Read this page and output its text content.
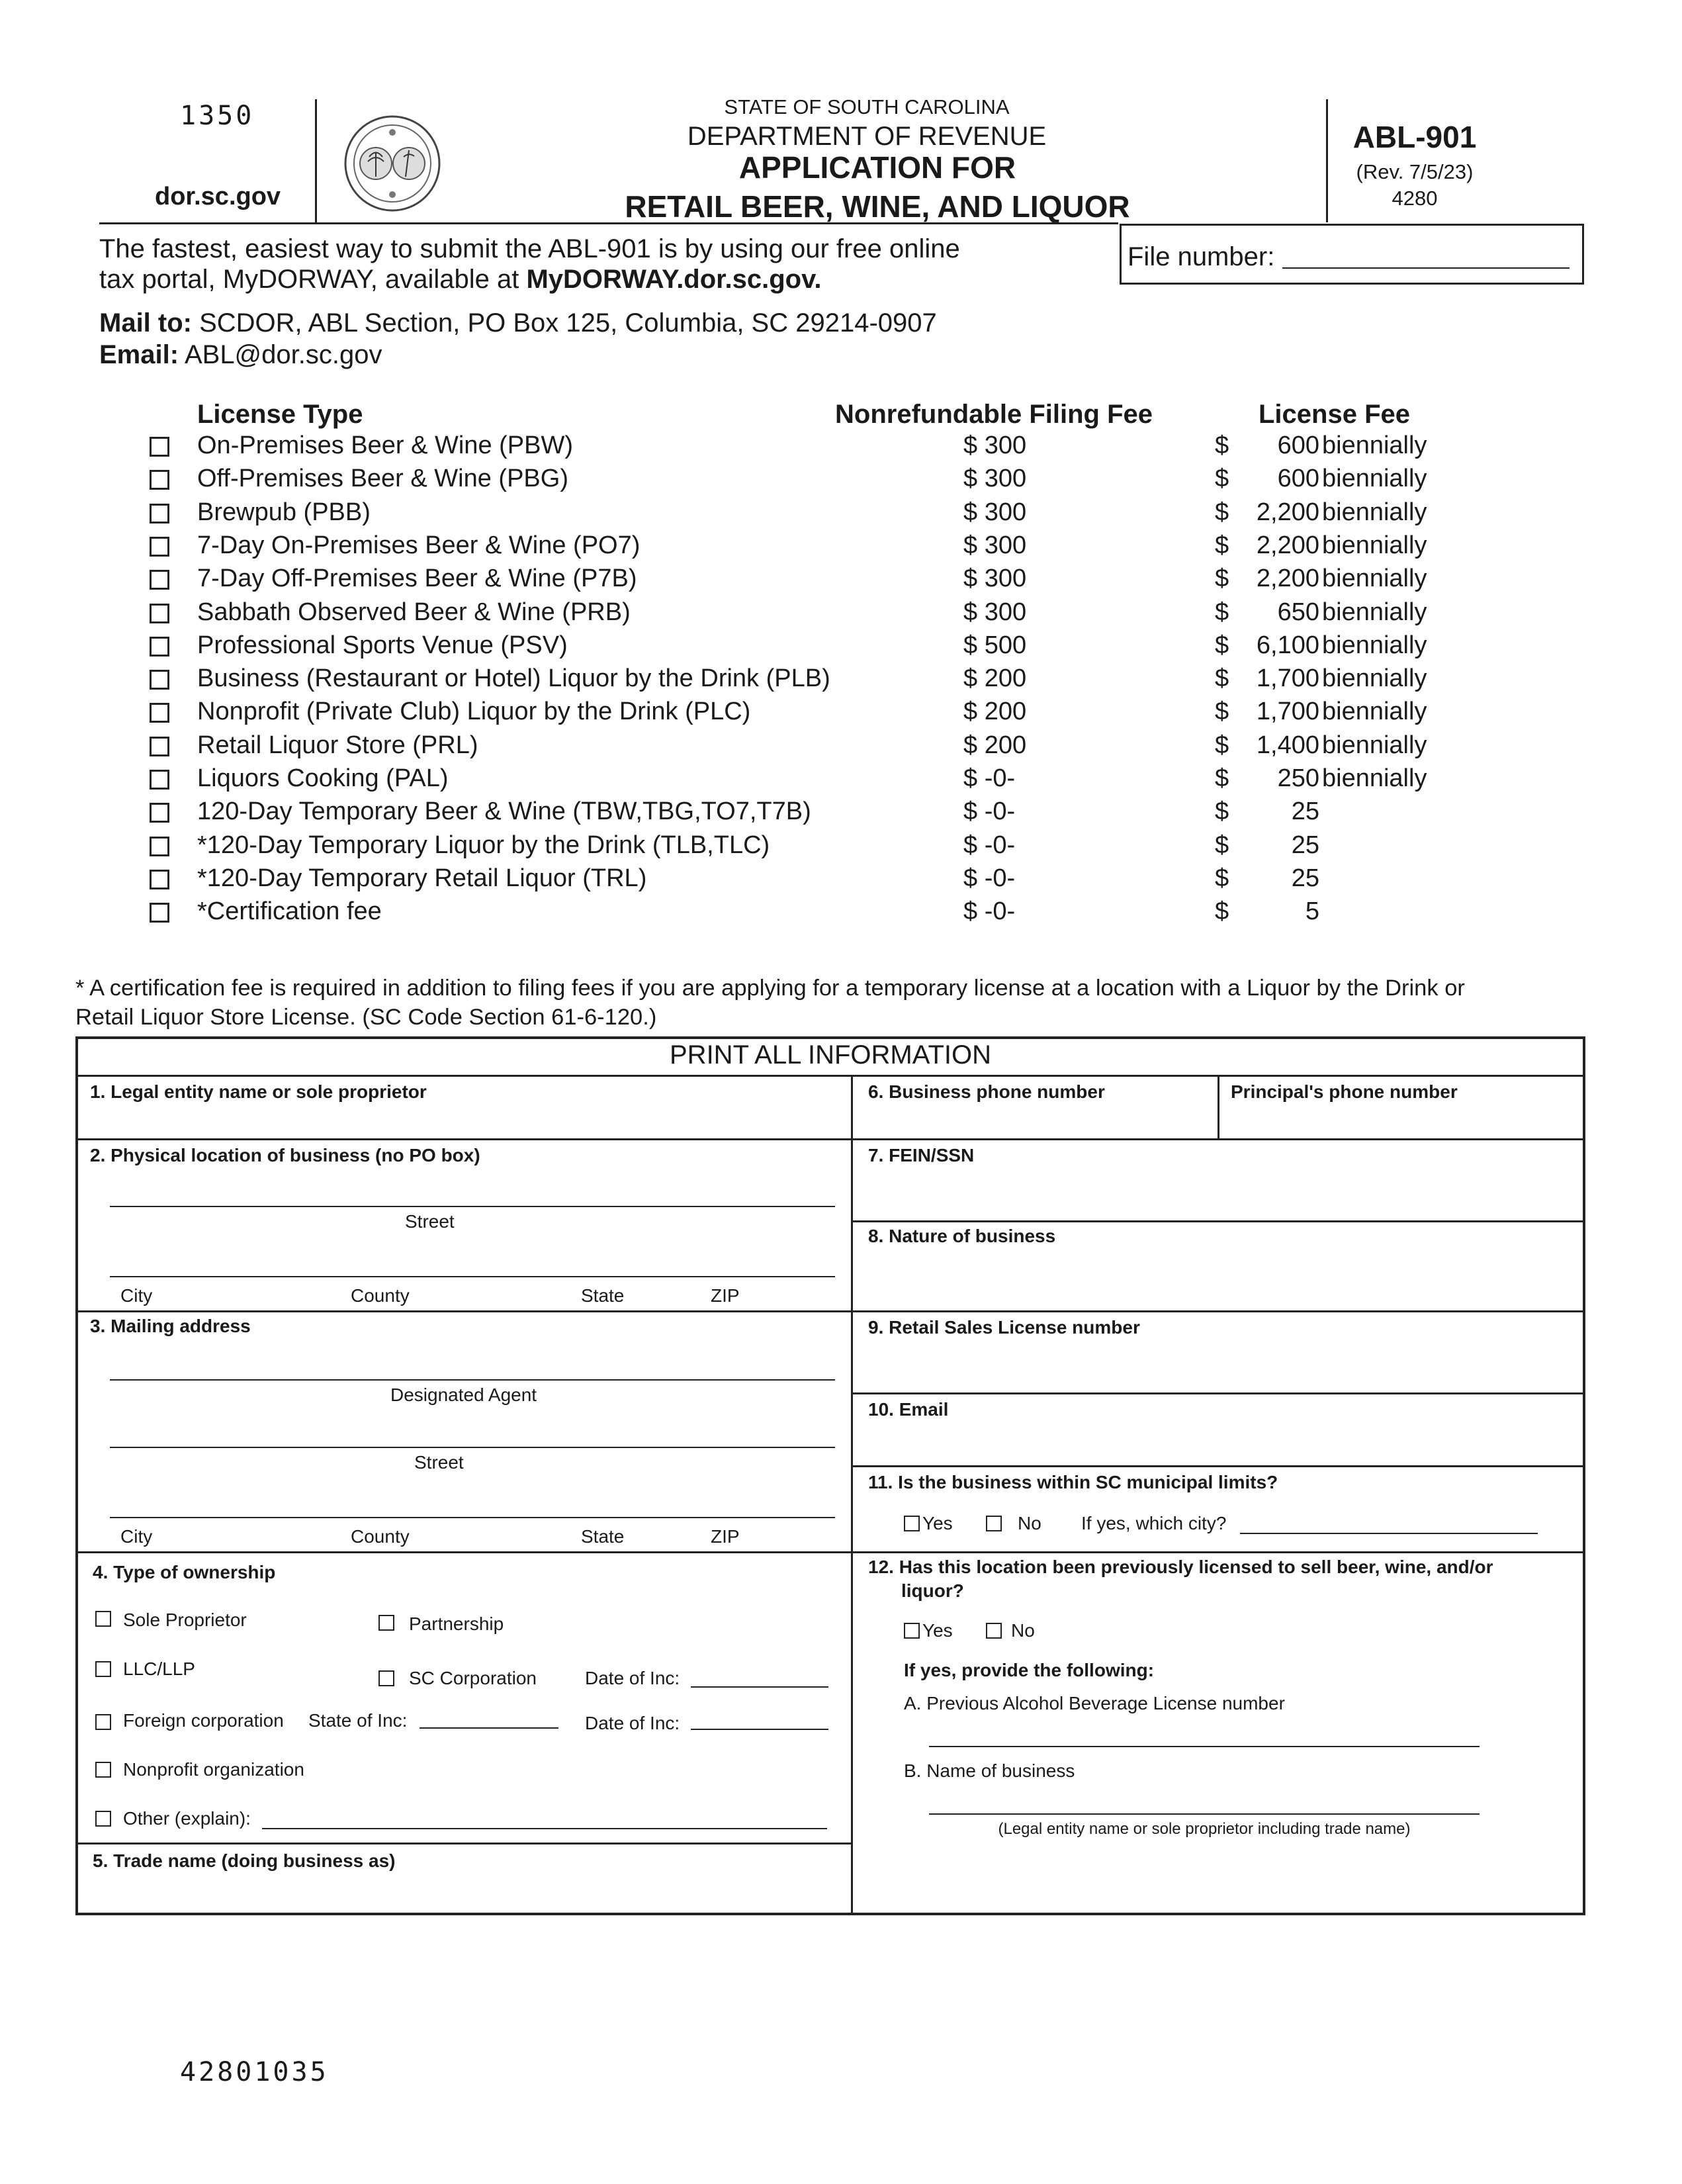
1350
dor.sc.gov
STATE OF SOUTH CAROLINA
DEPARTMENT OF REVENUE
APPLICATION FOR
RETAIL BEER, WINE, AND LIQUOR
ABL-901
(Rev. 7/5/23)
4280
The fastest, easiest way to submit the ABL-901 is by using our free online
tax portal, MyDORWAY, available at MyDORWAY.dor.sc.gov.
File number:
Mail to: SCDOR, ABL Section, PO Box 125, Columbia, SC 29214-0907
Email: ABL@dor.sc.gov
License Type	Nonrefundable Filing Fee	License Fee
On-Premises Beer & Wine (PBW)	$ 300	$ 600 biennially
Off-Premises Beer & Wine (PBG)	$ 300	$ 600 biennially
Brewpub (PBB)	$ 300	$ 2,200 biennially
7-Day On-Premises Beer & Wine (PO7)	$ 300	$ 2,200 biennially
7-Day Off-Premises Beer & Wine (P7B)	$ 300	$ 2,200 biennially
Sabbath Observed Beer & Wine (PRB)	$ 300	$ 650 biennially
Professional Sports Venue (PSV)	$ 500	$ 6,100 biennially
Business (Restaurant or Hotel) Liquor by the Drink (PLB)	$ 200	$ 1,700 biennially
Nonprofit (Private Club) Liquor by the Drink (PLC)	$ 200	$ 1,700 biennially
Retail Liquor Store (PRL)	$ 200	$ 1,400 biennially
Liquors Cooking (PAL)	$ -0-	$ 250 biennially
120-Day Temporary Beer & Wine (TBW,TBG,TO7,T7B)	$ -0-	$ 25
*120-Day Temporary Liquor by the Drink (TLB,TLC)	$ -0-	$ 25
*120-Day Temporary Retail Liquor (TRL)	$ -0-	$ 25
*Certification fee	$ -0-	$	5
* A certification fee is required in addition to filing fees if you are applying for a temporary license at a location with a Liquor by the Drink or
Retail Liquor Store License. (SC Code Section 61-6-120.)
PRINT ALL INFORMATION
1. Legal entity name or sole proprietor
2. Physical location of business (no PO box)
Street
City	County	State	ZIP
3. Mailing address
Designated Agent
Street
City	County	State	ZIP
4. Type of ownership
Sole Proprietor	Partnership
LLC/LLP	SC Corporation	Date of Inc:
Foreign corporation State of Inc:	Date of Inc:
Nonprofit organization
Other (explain):
5. Trade name (doing business as)
6. Business phone number	Principal's phone number
7. FEIN/SSN
8. Nature of business
9. Retail Sales License number
10. Email
11. Is the business within SC municipal limits?
Yes	No If yes, which city?
12. Has this location been previously licensed to sell beer, wine, and/or
liquor?
Yes	No
If yes, provide the following:
A. Previous Alcohol Beverage License number
B. Name of business
(Legal entity name or sole proprietor including trade name)
42801035
